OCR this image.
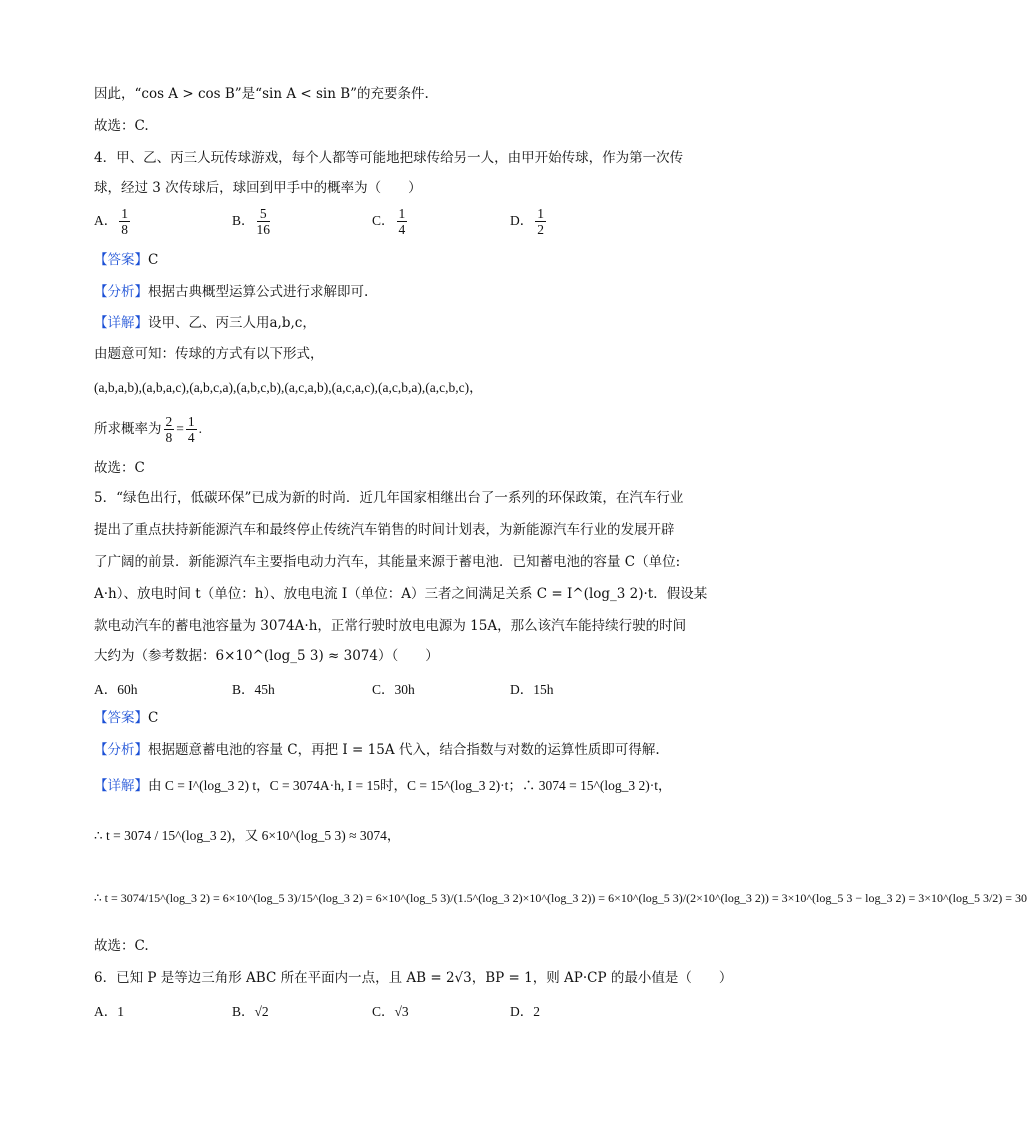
因此，“cos A > cos B”是“sin A < sin B”的充要条件.
故选：C.
4．甲、乙、丙三人玩传球游戏，每个人都等可能地把球传给另一人，由甲开始传球，作为第一次传
球，经过 3 次传球后，球回到甲手中的概率为（　　）
A． $\frac{1}{8}$	B． $\frac{5}{16}$	C． $\frac{1}{4}$	D． $\frac{1}{2}$
【答案】C
【分析】根据古典概型运算公式进行求解即可.
【详解】设甲、乙、丙三人用a,b,c，
由题意可知：传球的方式有以下形式，
(a,b,a,b),(a,b,a,c),(a,b,c,a),(a,b,c,b),(a,c,a,b),(a,c,a,c),(a,c,b,a),(a,c,b,c)，
所求概率为 $\frac{2}{8} = \frac{1}{4}$ .
故选：C
5．“绿色出行，低碳环保”已成为新的时尚．近几年国家相继出台了一系列的环保政策，在汽车行业
提出了重点扶持新能源汽车和最终停止传统汽车销售的时间计划表，为新能源汽车行业的发展开辟
了广阔的前景．新能源汽车主要指电动力汽车，其能量来源于蓄电池．已知蓄电池的容量 C（单位:
A·h）、放电时间 t（单位：h）、放电电流 I（单位：A）三者之间满足关系 C = I^(log_3 2)·t．假设某
款电动汽车的蓄电池容量为 3074A·h，正常行驶时放电电源为 15A，那么该汽车能持续行驶的时间
大约为（参考数据：6×10^(log_5 3) ≈ 3074）（　　）
A．60h	B．45h	C．30h	D．15h
【答案】C
【分析】根据题意蓄电池的容量 C，再把 I = 15A 代入，结合指数与对数的运算性质即可得解.
【详解】由 C = I^(log_3 2) t，C = 3074A·h, I = 15时，C = 15^(log_3 2)·t；∴ 3074 = 15^(log_3 2)·t，
∴ t = 3074 / 15^(log_3 2)，又 6×10^(log_5 3) ≈ 3074，
∴ t = 3074/15^(log_3 2) = 6×10^(log_5 3)/15^(log_3 2) = 6×10^(log_5 3)/(1.5^(log_3 2)×10^(log_3 2)) = 6×10^(log_5 3)/(2×10^(log_3 2)) = 3×10^(log_5 3 − log_3 2) = 3×10^(log_5 3/2) = 30
故选：C.
6．已知 P 是等边三角形 ABC 所在平面内一点，且 AB = 2√3，BP = 1，则 AP·CP 的最小值是（　　）
A．1	B．√2	C．√3	D．2
